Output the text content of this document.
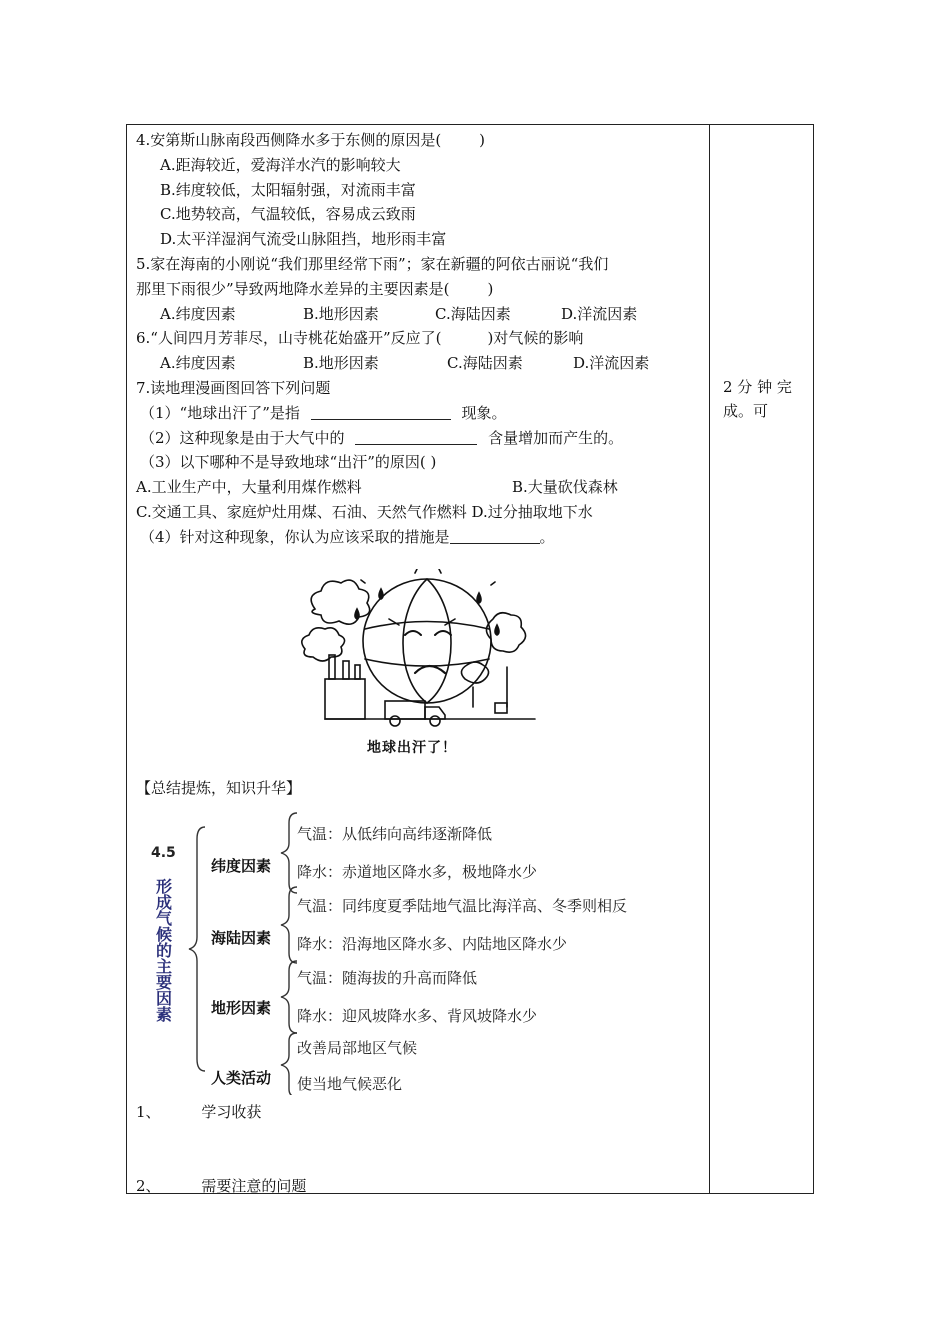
4.安第斯山脉南段西侧降水多于东侧的原因是(	)
A.距海较近，爱海洋水汽的影响较大
B.纬度较低，太阳辐射强，对流雨丰富
C.地势较高，气温较低，容易成云致雨
D.太平洋湿润气流受山脉阻挡，地形雨丰富
5.家在海南的小刚说“我们那里经常下雨”；家在新疆的阿依古丽说“我们
那里下雨很少”导致两地降水差异的主要因素是(	)
A.纬度因素	B.地形因素	C.海陆因素	D.洋流因素
6.“人间四月芳菲尽，山寺桃花始盛开”反应了(	)对气候的影响
A.纬度因素	B.地形因素	C.海陆因素	D.洋流因素
7.读地理漫画图回答下列问题
（1）“地球出汗了”是指	现象。
（2）这种现象是由于大气中的	含量增加而产生的。
（3）以下哪种不是导致地球“出汗”的原因( )
A.工业生产中，大量利用煤作燃料	B.大量砍伐森林
C.交通工具、家庭炉灶用煤、石油、天然气作燃料 D.过分抽取地下水
（4）针对这种现象，你认为应该采取的措施是	。
2 分 钟 完
成。可
地球出汗了！
【总结提炼，知识升华】
4.5
形
成
气
候
的
主
要
因
素
纬度因素
气温：从低纬向高纬逐渐降低
降水：赤道地区降水多，极地降水少
海陆因素
气温：同纬度夏季陆地气温比海洋高、冬季则相反
降水：沿海地区降水多、内陆地区降水少
地形因素
气温：随海拔的升高而降低
降水：迎风坡降水多、背风坡降水少
人类活动
改善局部地区气候
使当地气候恶化
1、	学习收获
2、	需要注意的问题
